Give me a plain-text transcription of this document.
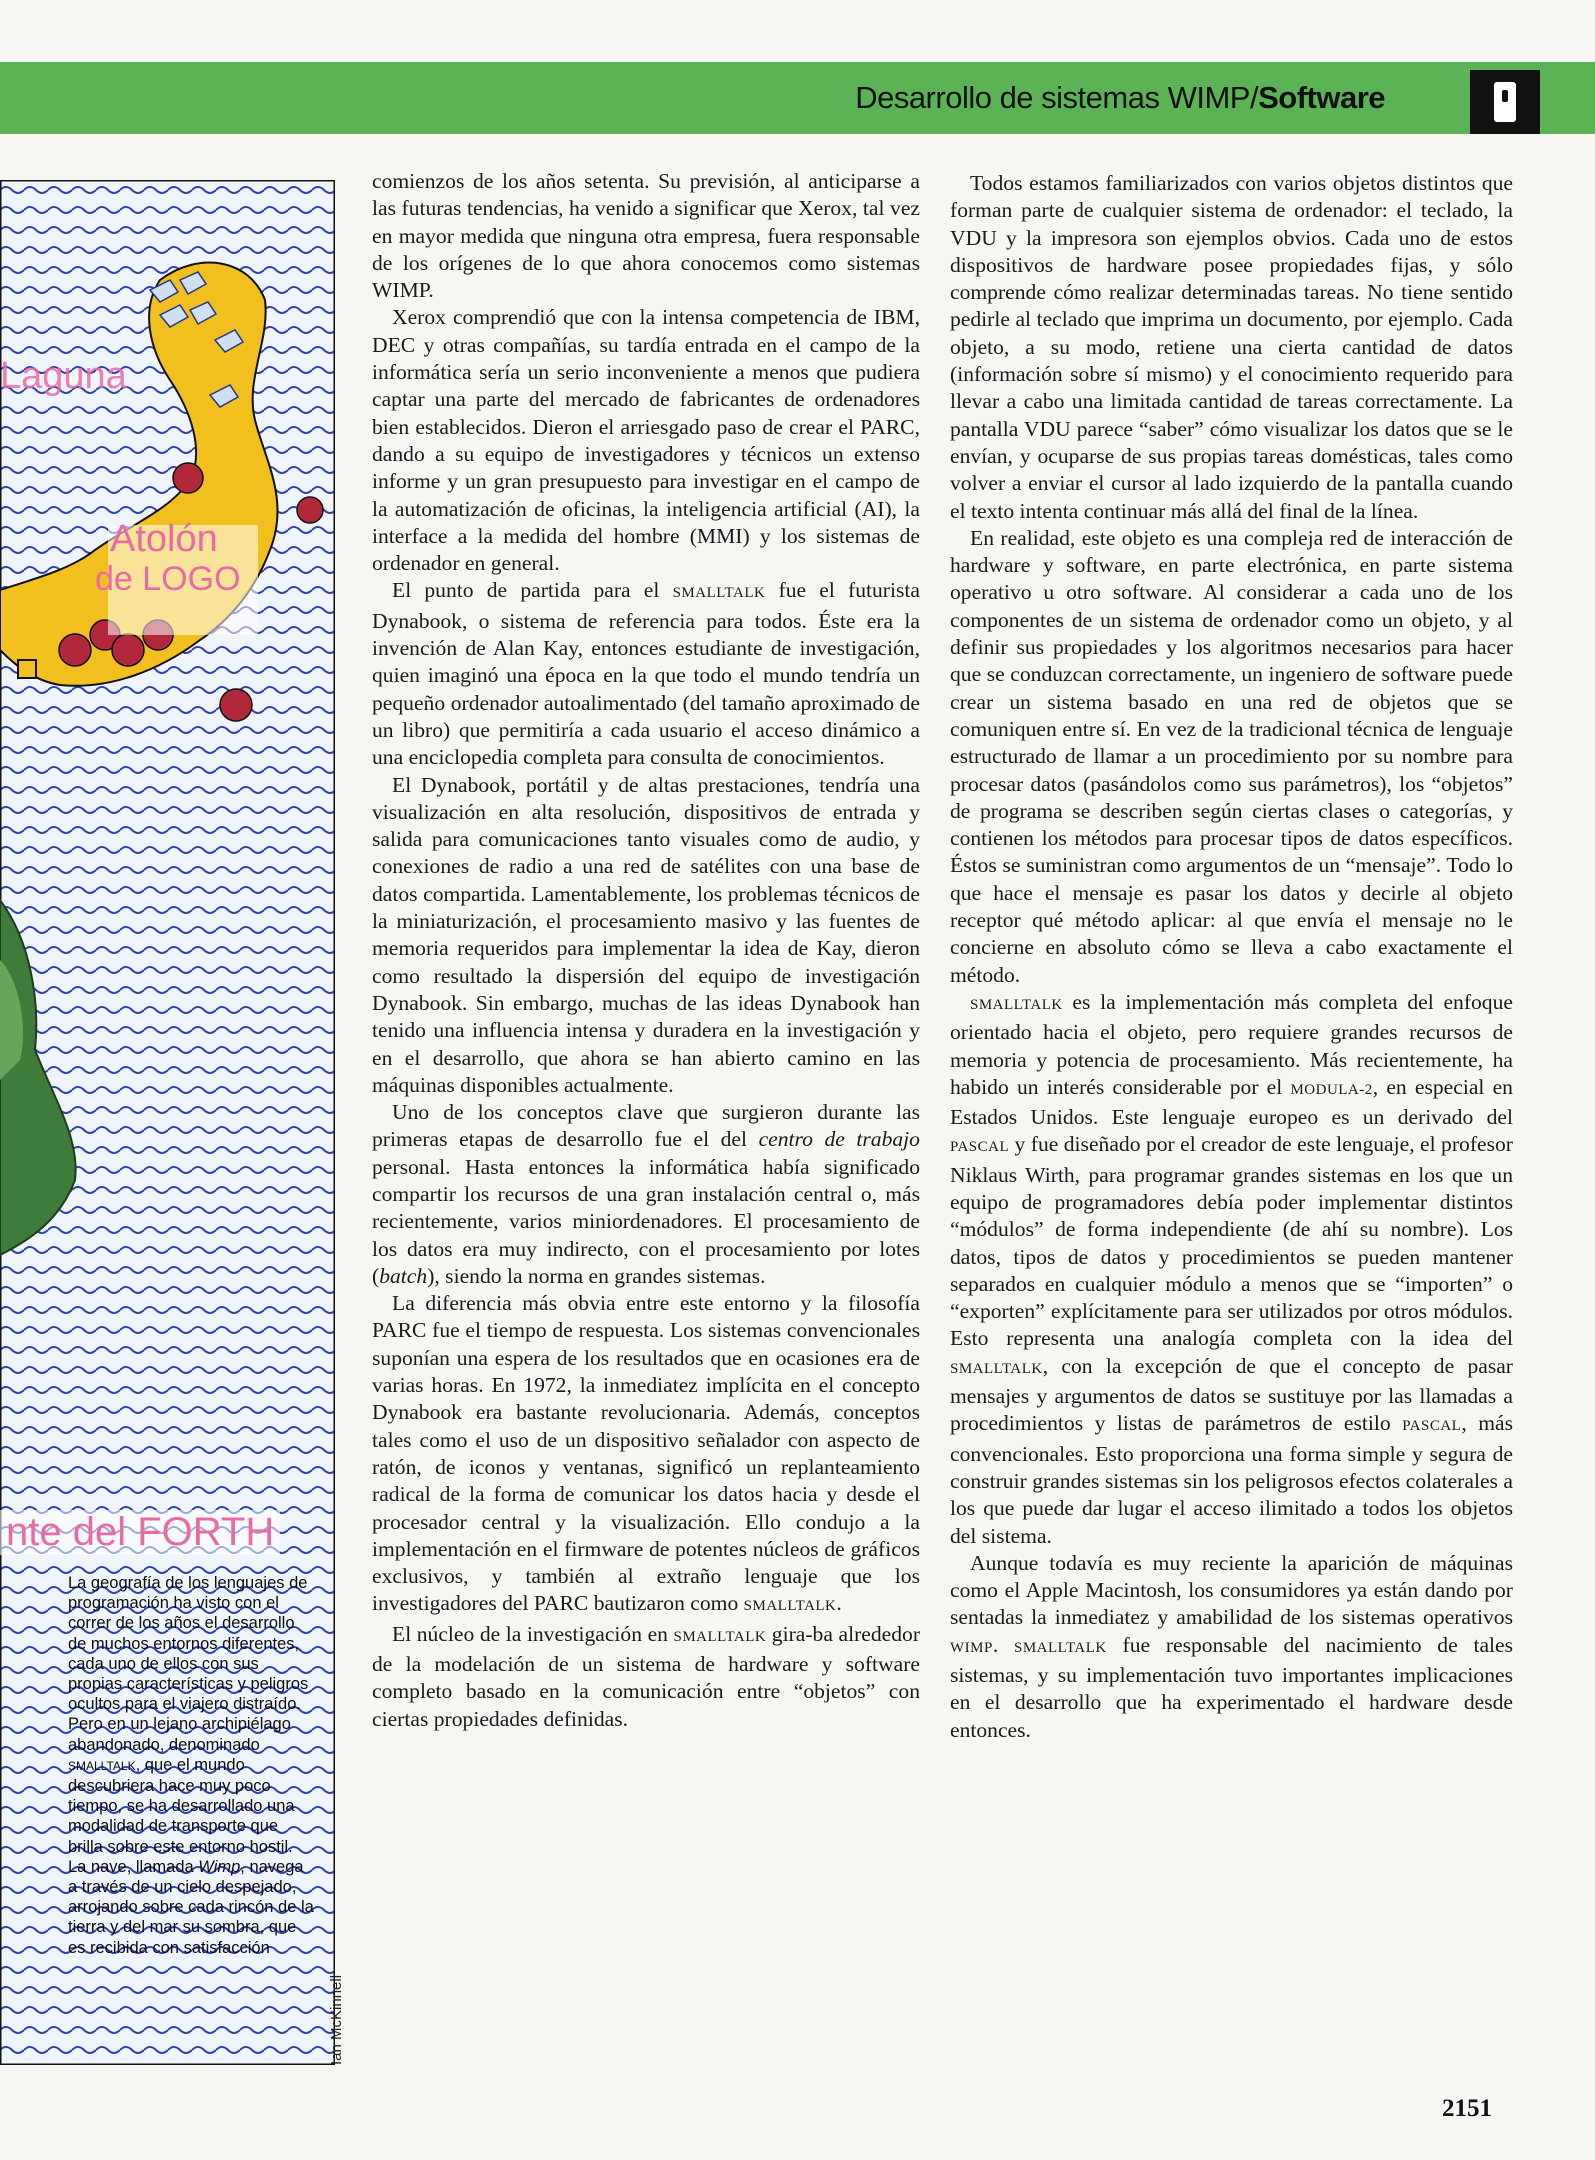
Desarrollo de sistemas WIMP/Software
Laguna
Atolón
de LOGO
nte del FORTH
La geografía de los lenguajes de programación ha visto con el correr de los años el desarrollo de muchos entornos diferentes, cada uno de ellos con sus propias características y peligros ocultos para el viajero distraído. Pero en un lejano archipiélago abandonado, denominado SMALLTALK, que el mundo descubriera hace muy poco tiempo, se ha desarrollado una modalidad de transporte que brilla sobre este entorno hostil. La nave, llamada Wimp, navega a través de un cielo despejado, arrojando sobre cada rincón de la tierra y del mar su sombra, que es recibida con satisfacción
Ian McKinnell

comienzos de los años setenta. Su previsión, al anticiparse a las futuras tendencias, ha venido a significar que Xerox, tal vez en mayor medida que ninguna otra empresa, fuera responsable de los orígenes de lo que ahora conocemos como sistemas WIMP.

Xerox comprendió que con la intensa competencia de IBM, DEC y otras compañías, su tardía entrada en el campo de la informática sería un serio inconveniente a menos que pudiera captar una parte del mercado de fabricantes de ordenadores bien establecidos. Dieron el arriesgado paso de crear el PARC, dando a su equipo de investigadores y técnicos un extenso informe y un gran presupuesto para investigar en el campo de la automatización de oficinas, la inteligencia artificial (AI), la interface a la medida del hombre (MMI) y los sistemas de ordenador en general.

El punto de partida para el SMALLTALK fue el futurista Dynabook, o sistema de referencia para todos. Éste era la invención de Alan Kay, entonces estudiante de investigación, quien imaginó una época en la que todo el mundo tendría un pequeño ordenador autoalimentado (del tamaño aproximado de un libro) que permitiría a cada usuario el acceso dinámico a una enciclopedia completa para consulta de conocimientos.

El Dynabook, portátil y de altas prestaciones, tendría una visualización en alta resolución, dispositivos de entrada y salida para comunicaciones tanto visuales como de audio, y conexiones de radio a una red de satélites con una base de datos compartida. Lamentablemente, los problemas técnicos de la miniaturización, el procesamiento masivo y las fuentes de memoria requeridos para implementar la idea de Kay, dieron como resultado la dispersión del equipo de investigación Dynabook. Sin embargo, muchas de las ideas Dynabook han tenido una influencia intensa y duradera en la investigación y en el desarrollo, que ahora se han abierto camino en las máquinas disponibles actualmente.

Uno de los conceptos clave que surgieron durante las primeras etapas de desarrollo fue el del centro de trabajo personal. Hasta entonces la informática había significado compartir los recursos de una gran instalación central o, más recientemente, varios miniordenadores. El procesamiento de los datos era muy indirecto, con el procesamiento por lotes (batch), siendo la norma en grandes sistemas.

La diferencia más obvia entre este entorno y la filosofía PARC fue el tiempo de respuesta. Los sistemas convencionales suponían una espera de los resultados que en ocasiones era de varias horas. En 1972, la inmediatez implícita en el concepto Dynabook era bastante revolucionaria. Además, conceptos tales como el uso de un dispositivo señalador con aspecto de ratón, de iconos y ventanas, significó un replanteamiento radical de la forma de comunicar los datos hacia y desde el procesador central y la visualización. Ello condujo a la implementación en el firmware de potentes núcleos de gráficos exclusivos, y también al extraño lenguaje que los investigadores del PARC bautizaron como SMALLTALK.

El núcleo de la investigación en SMALLTALK gira-ba alrededor de la modelación de un sistema de hardware y software completo basado en la comunicación entre “objetos” con ciertas propiedades definidas.

Todos estamos familiarizados con varios objetos distintos que forman parte de cualquier sistema de ordenador: el teclado, la VDU y la impresora son ejemplos obvios. Cada uno de estos dispositivos de hardware posee propiedades fijas, y sólo comprende cómo realizar determinadas tareas. No tiene sentido pedirle al teclado que imprima un documento, por ejemplo. Cada objeto, a su modo, retiene una cierta cantidad de datos (información sobre sí mismo) y el conocimiento requerido para llevar a cabo una limitada cantidad de tareas correctamente. La pantalla VDU parece “saber” cómo visualizar los datos que se le envían, y ocuparse de sus propias tareas domésticas, tales como volver a enviar el cursor al lado izquierdo de la pantalla cuando el texto intenta continuar más allá del final de la línea.

En realidad, este objeto es una compleja red de interacción de hardware y software, en parte electrónica, en parte sistema operativo u otro software. Al considerar a cada uno de los componentes de un sistema de ordenador como un objeto, y al definir sus propiedades y los algoritmos necesarios para hacer que se conduzcan correctamente, un ingeniero de software puede crear un sistema basado en una red de objetos que se comuniquen entre sí. En vez de la tradicional técnica de lenguaje estructurado de llamar a un procedimiento por su nombre para procesar datos (pasándolos como sus parámetros), los “objetos” de programa se describen según ciertas clases o categorías, y contienen los métodos para procesar tipos de datos específicos. Éstos se suministran como argumentos de un “mensaje”. Todo lo que hace el mensaje es pasar los datos y decirle al objeto receptor qué método aplicar: al que envía el mensaje no le concierne en absoluto cómo se lleva a cabo exactamente el método.

SMALLTALK es la implementación más completa del enfoque orientado hacia el objeto, pero requiere grandes recursos de memoria y potencia de procesamiento. Más recientemente, ha habido un interés considerable por el MODULA-2, en especial en Estados Unidos. Este lenguaje europeo es un derivado del PASCAL y fue diseñado por el creador de este lenguaje, el profesor Niklaus Wirth, para programar grandes sistemas en los que un equipo de programadores debía poder implementar distintos “módulos” de forma independiente (de ahí su nombre). Los datos, tipos de datos y procedimientos se pueden mantener separados en cualquier módulo a menos que se “importen” o “exporten” explícitamente para ser utilizados por otros módulos. Esto representa una analogía completa con la idea del SMALLTALK, con la excepción de que el concepto de pasar mensajes y argumentos de datos se sustituye por las llamadas a procedimientos y listas de parámetros de estilo PASCAL, más convencionales. Esto proporciona una forma simple y segura de construir grandes sistemas sin los peligrosos efectos colaterales a los que puede dar lugar el acceso ilimitado a todos los objetos del sistema.

Aunque todavía es muy reciente la aparición de máquinas como el Apple Macintosh, los consumidores ya están dando por sentadas la inmediatez y amabilidad de los sistemas operativos WIMP. SMALLTALK fue responsable del nacimiento de tales sistemas, y su implementación tuvo importantes implicaciones en el desarrollo que ha experimentado el hardware desde entonces.

2151
